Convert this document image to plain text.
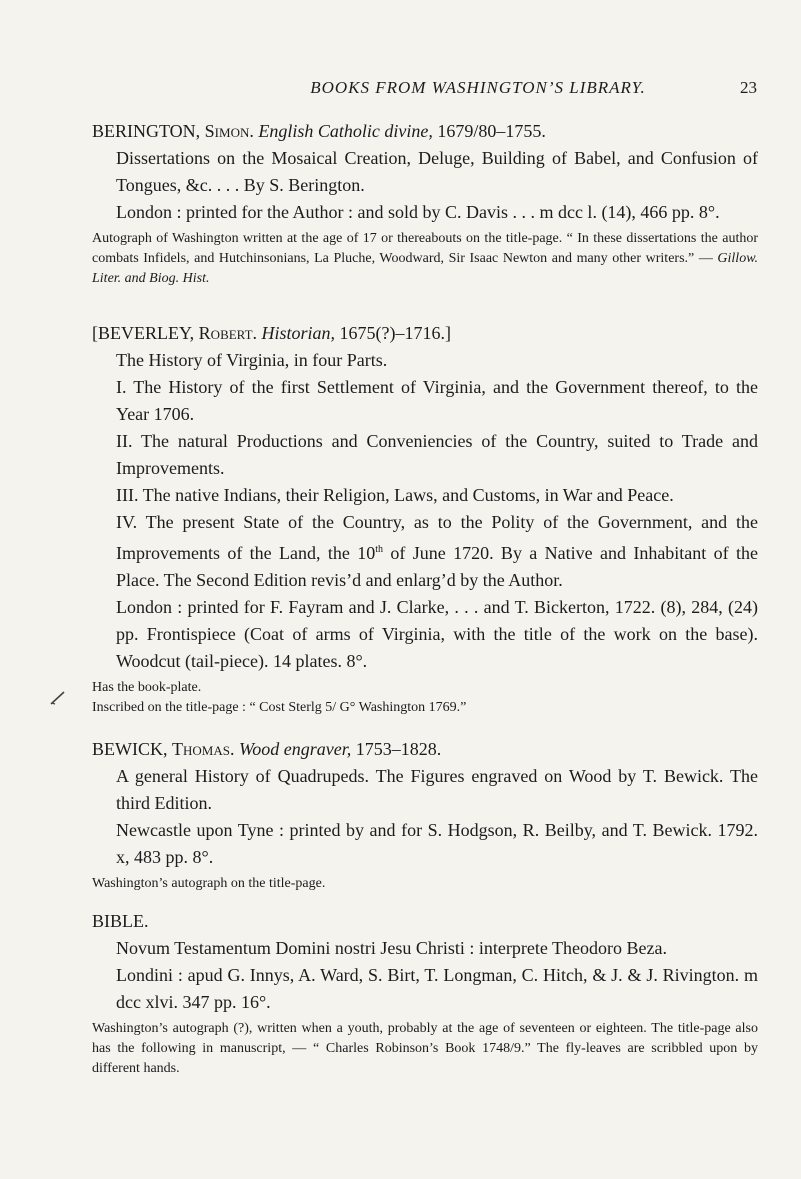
BOOKS FROM WASHINGTON’S LIBRARY.	23

BERINGTON, Simon. English Catholic divine, 1679/80–1755.

Dissertations on the Mosaical Creation, Deluge, Building of Babel, and Confusion of Tongues, &c. . . . By S. Berington.

London : printed for the Author : and sold by C. Davis . . . m dcc l. (14), 466 pp. 8°.

Autograph of Washington written at the age of 17 or thereabouts on the title-page. “ In these dissertations the author combats Infidels, and Hutchinsonians, La Pluche, Woodward, Sir Isaac Newton and many other writers.” — Gillow. Liter. and Biog. Hist.

[BEVERLEY, Robert. Historian, 1675(?)–1716.]

The History of Virginia, in four Parts.

I. The History of the first Settlement of Virginia, and the Government thereof, to the Year 1706.

II. The natural Productions and Conveniencies of the Country, suited to Trade and Improvements.

III. The native Indians, their Religion, Laws, and Customs, in War and Peace.

IV. The present State of the Country, as to the Polity of the Government, and the Improvements of the Land, the 10th of June 1720. By a Native and Inhabitant of the Place. The Second Edition revis’d and enlarg’d by the Author.

London : printed for F. Fayram and J. Clarke, . . . and T. Bickerton, 1722. (8), 284, (24) pp. Frontispiece (Coat of arms of Virginia, with the title of the work on the base). Woodcut (tail-piece). 14 plates. 8°.

Has the book-plate.

Inscribed on the title-page : “ Cost Sterlg 5/ G° Washington 1769.”

BEWICK, Thomas. Wood engraver, 1753–1828.

A general History of Quadrupeds. The Figures engraved on Wood by T. Bewick. The third Edition.

Newcastle upon Tyne : printed by and for S. Hodgson, R. Beilby, and T. Bewick. 1792. x, 483 pp. 8°.

Washington’s autograph on the title-page.

BIBLE.

Novum Testamentum Domini nostri Jesu Christi : interprete Theodoro Beza.

Londini : apud G. Innys, A. Ward, S. Birt, T. Longman, C. Hitch, & J. & J. Rivington. m dcc xlvi. 347 pp. 16°.

Washington’s autograph (?), written when a youth, probably at the age of seventeen or eighteen. The title-page also has the following in manuscript, — “ Charles Robinson’s Book 1748/9.” The fly-leaves are scribbled upon by different hands.
